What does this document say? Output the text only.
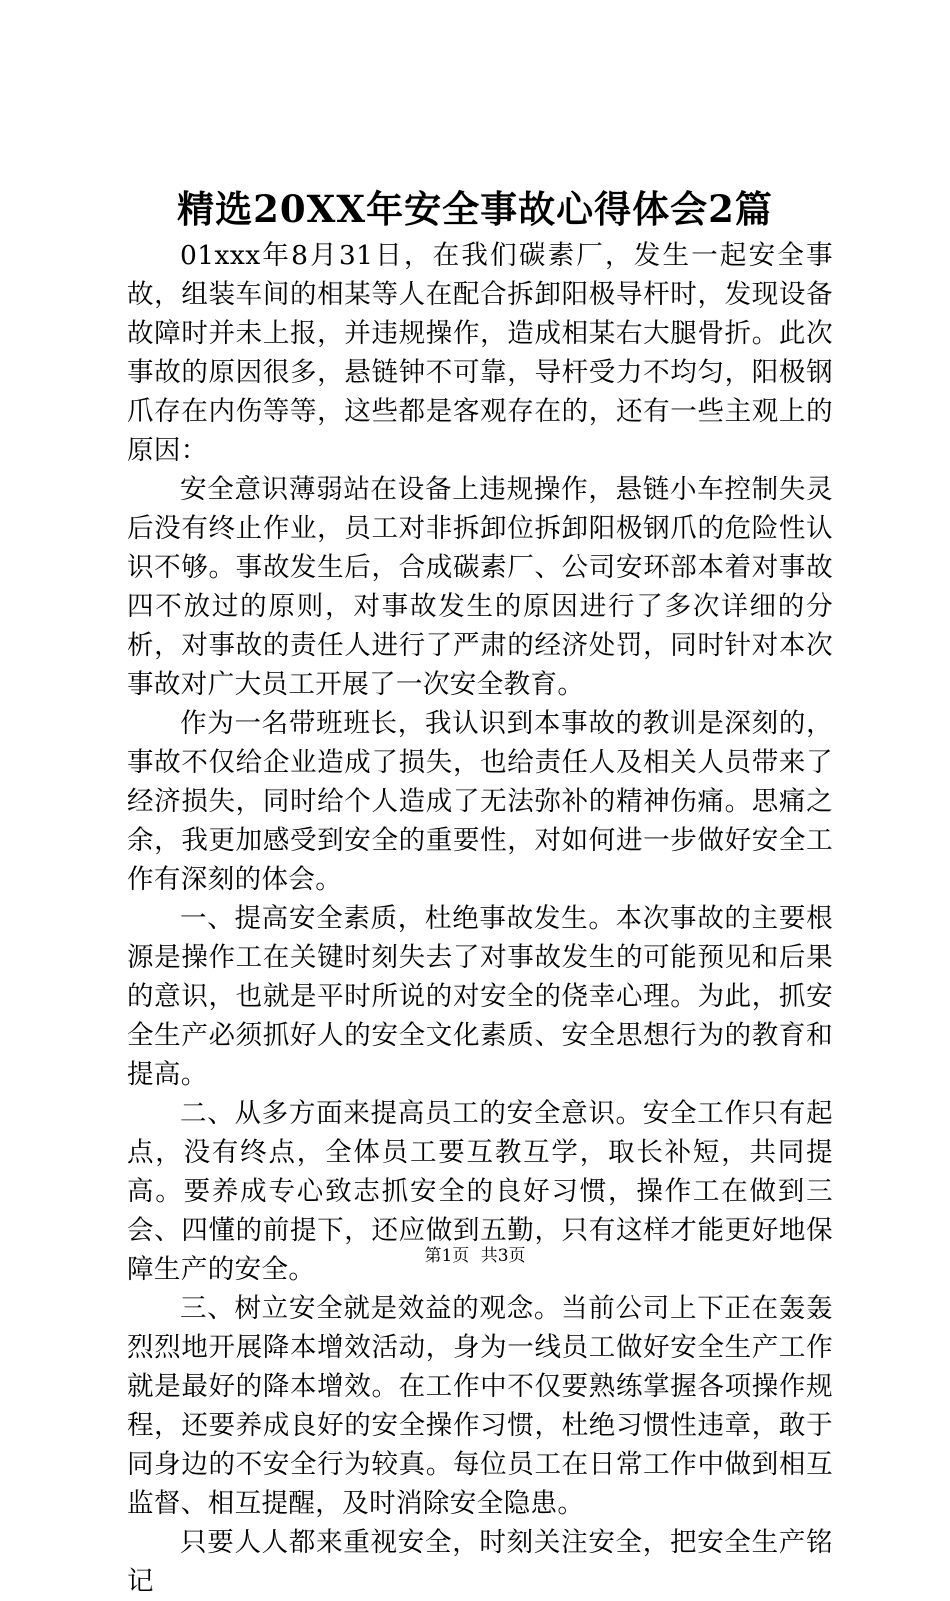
精选20XX年安全事故心得体会2篇

01xxx年8月31日，在我们碳素厂，发生一起安全事故，组装车间的相某等人在配合拆卸阳极导杆时，发现设备故障时并未上报，并违规操作，造成相某右大腿骨折。此次事故的原因很多，悬链钟不可靠，导杆受力不均匀，阳极钢爪存在内伤等等，这些都是客观存在的，还有一些主观上的原因：

安全意识薄弱站在设备上违规操作，悬链小车控制失灵后没有终止作业，员工对非拆卸位拆卸阳极钢爪的危险性认识不够。事故发生后，合成碳素厂、公司安环部本着对事故四不放过的原则，对事故发生的原因进行了多次详细的分析，对事故的责任人进行了严肃的经济处罚，同时针对本次事故对广大员工开展了一次安全教育。

作为一名带班班长，我认识到本事故的教训是深刻的，事故不仅给企业造成了损失，也给责任人及相关人员带来了经济损失，同时给个人造成了无法弥补的精神伤痛。思痛之余，我更加感受到安全的重要性，对如何进一步做好安全工作有深刻的体会。

一、提高安全素质，杜绝事故发生。本次事故的主要根源是操作工在关键时刻失去了对事故发生的可能预见和后果的意识，也就是平时所说的对安全的侥幸心理。为此，抓安全生产必须抓好人的安全文化素质、安全思想行为的教育和提高。

二、从多方面来提高员工的安全意识。安全工作只有起点，没有终点，全体员工要互教互学，取长补短，共同提高。要养成专心致志抓安全的良好习惯，操作工在做到三会、四懂的前提下，还应做到五勤，只有这样才能更好地保障生产的安全。

三、树立安全就是效益的观念。当前公司上下正在轰轰烈烈地开展降本增效活动，身为一线员工做好安全生产工作就是最好的降本增效。在工作中不仅要熟练掌握各项操作规程，还要养成良好的安全操作习惯，杜绝习惯性违章，敢于同身边的不安全行为较真。每位员工在日常工作中做到相互监督、相互提醒，及时消除安全隐患。

只要人人都来重视安全，时刻关注安全，把安全生产铭记

第1页 共3页
